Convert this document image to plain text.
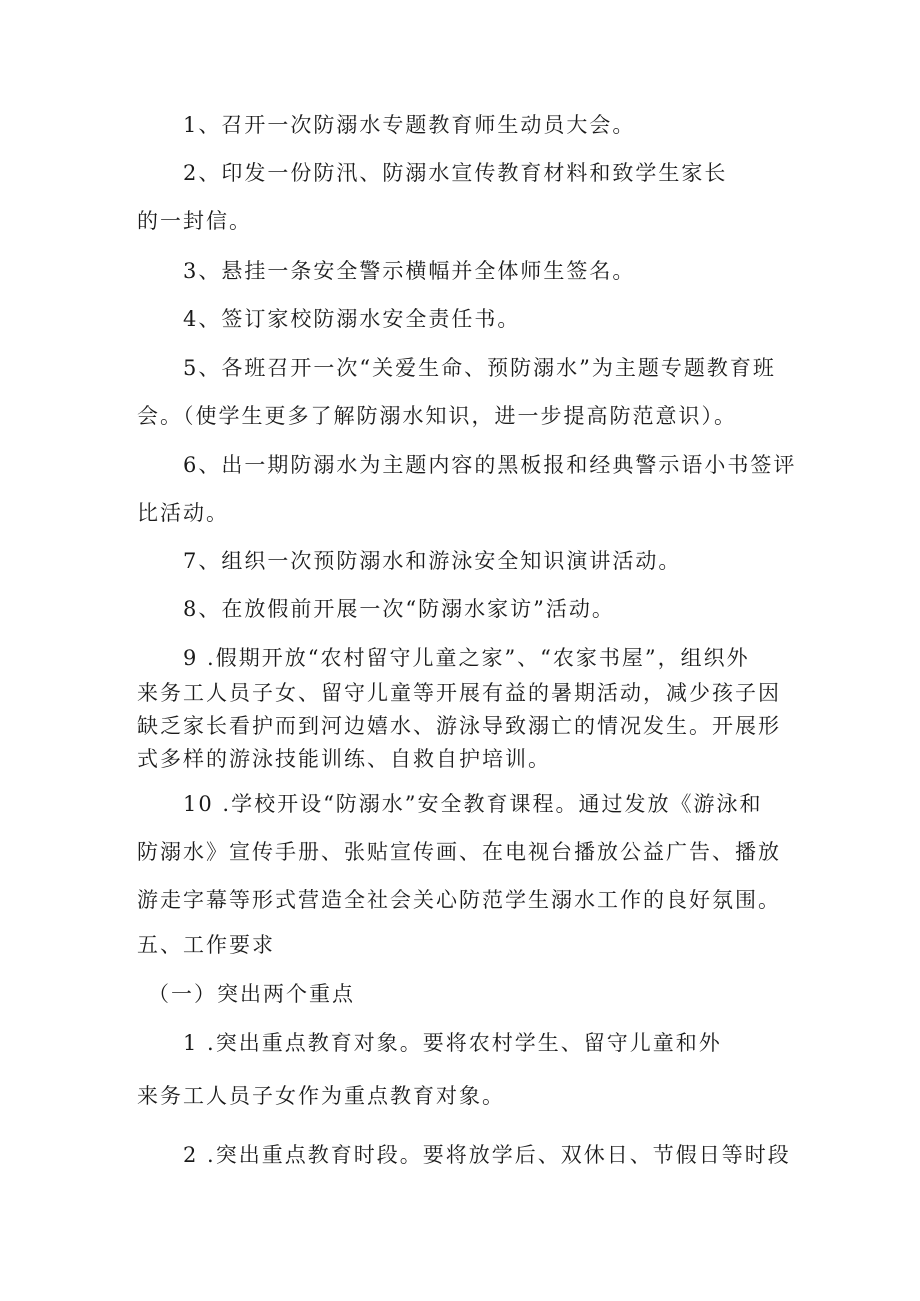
1、召开一次防溺水专题教育师生动员大会。
2、印发一份防汛、防溺水宣传教育材料和致学生家长
的一封信。
3、悬挂一条安全警示横幅并全体师生签名。
4、签订家校防溺水安全责任书。
5、各班召开一次“关爱生命、预防溺水”为主题专题教育班
会。（使学生更多了解防溺水知识，进一步提高防范意识）。
6、出一期防溺水为主题内容的黑板报和经典警示语小书签评
比活动。
7、组织一次预防溺水和游泳安全知识演讲活动。
8、在放假前开展一次“防溺水家访”活动。
9 .假期开放“农村留守儿童之家”、“农家书屋”，组织外
来务工人员子女、留守儿童等开展有益的暑期活动，减少孩子因
缺乏家长看护而到河边嬉水、游泳导致溺亡的情况发生。开展形
式多样的游泳技能训练、自救自护培训。
10 .学校开设“防溺水”安全教育课程。通过发放《游泳和
防溺水》宣传手册、张贴宣传画、在电视台播放公益广告、播放
游走字幕等形式营造全社会关心防范学生溺水工作的良好氛围。
五、工作要求
（一）突出两个重点
1 .突出重点教育对象。要将农村学生、留守儿童和外
来务工人员子女作为重点教育对象。
2 .突出重点教育时段。要将放学后、双休日、节假日等时段
